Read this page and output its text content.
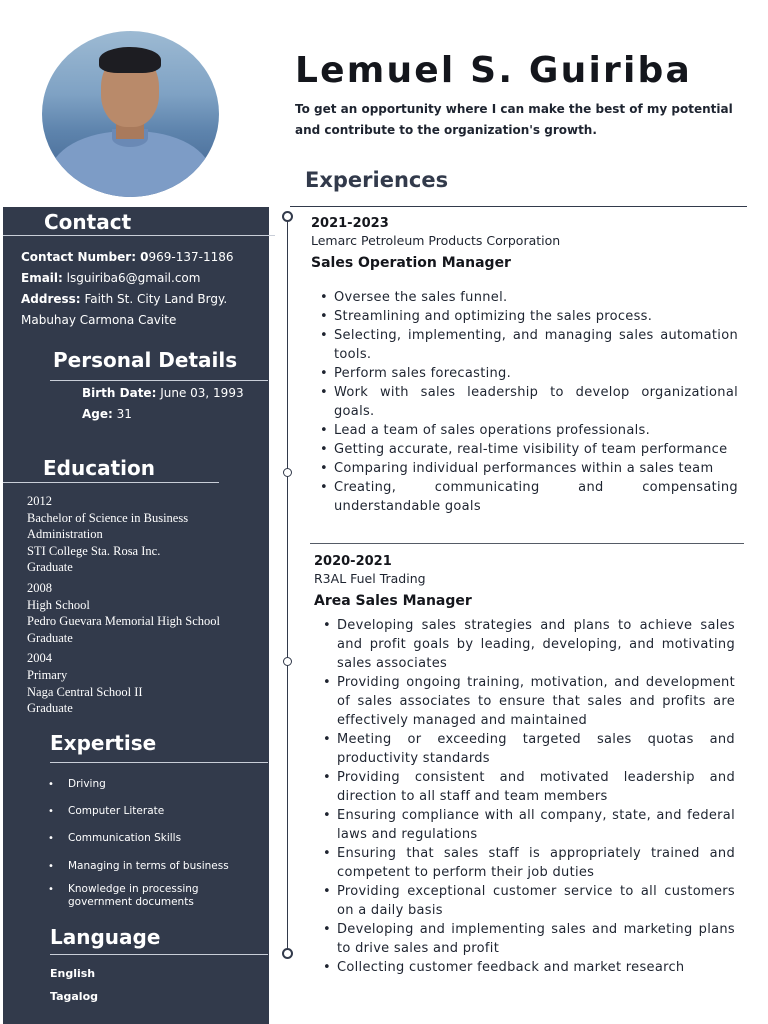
Contact
Contact Number: 0969-137-1186
Email: lsguiriba6@gmail.com
Address: Faith St. City Land Brgy.
Mabuhay Carmona Cavite
Personal Details
Birth Date: June 03, 1993
Age: 31
Education
2012
Bachelor of Science in Business
Administration
STI College Sta. Rosa Inc.
Graduate
2008
High School
Pedro Guevara Memorial High School
Graduate
2004
Primary
Naga Central School II
Graduate
Expertise
• Driving
• Computer Literate
• Communication Skills
• Managing in terms of business
• Knowledge in processing government documents
Language
English
Tagalog
Lemuel S. Guiriba
To get an opportunity where I can make the best of my potential and contribute to the organization's growth.
Experiences
2021-2023
Lemarc Petroleum Products Corporation
Sales Operation Manager
• Oversee the sales funnel.
• Streamlining and optimizing the sales process.
• Selecting, implementing, and managing sales automation tools.
• Perform sales forecasting.
• Work with sales leadership to develop organizational goals.
• Lead a team of sales operations professionals.
• Getting accurate, real-time visibility of team performance
• Comparing individual performances within a sales team
• Creating, communicating and compensating understandable goals
2020-2021
R3AL Fuel Trading
Area Sales Manager
• Developing sales strategies and plans to achieve sales and profit goals by leading, developing, and motivating sales associates
• Providing ongoing training, motivation, and development of sales associates to ensure that sales and profits are effectively managed and maintained
• Meeting or exceeding targeted sales quotas and productivity standards
• Providing consistent and motivated leadership and direction to all staff and team members
• Ensuring compliance with all company, state, and federal laws and regulations
• Ensuring that sales staff is appropriately trained and competent to perform their job duties
• Providing exceptional customer service to all customers on a daily basis
• Developing and implementing sales and marketing plans to drive sales and profit
• Collecting customer feedback and market research
